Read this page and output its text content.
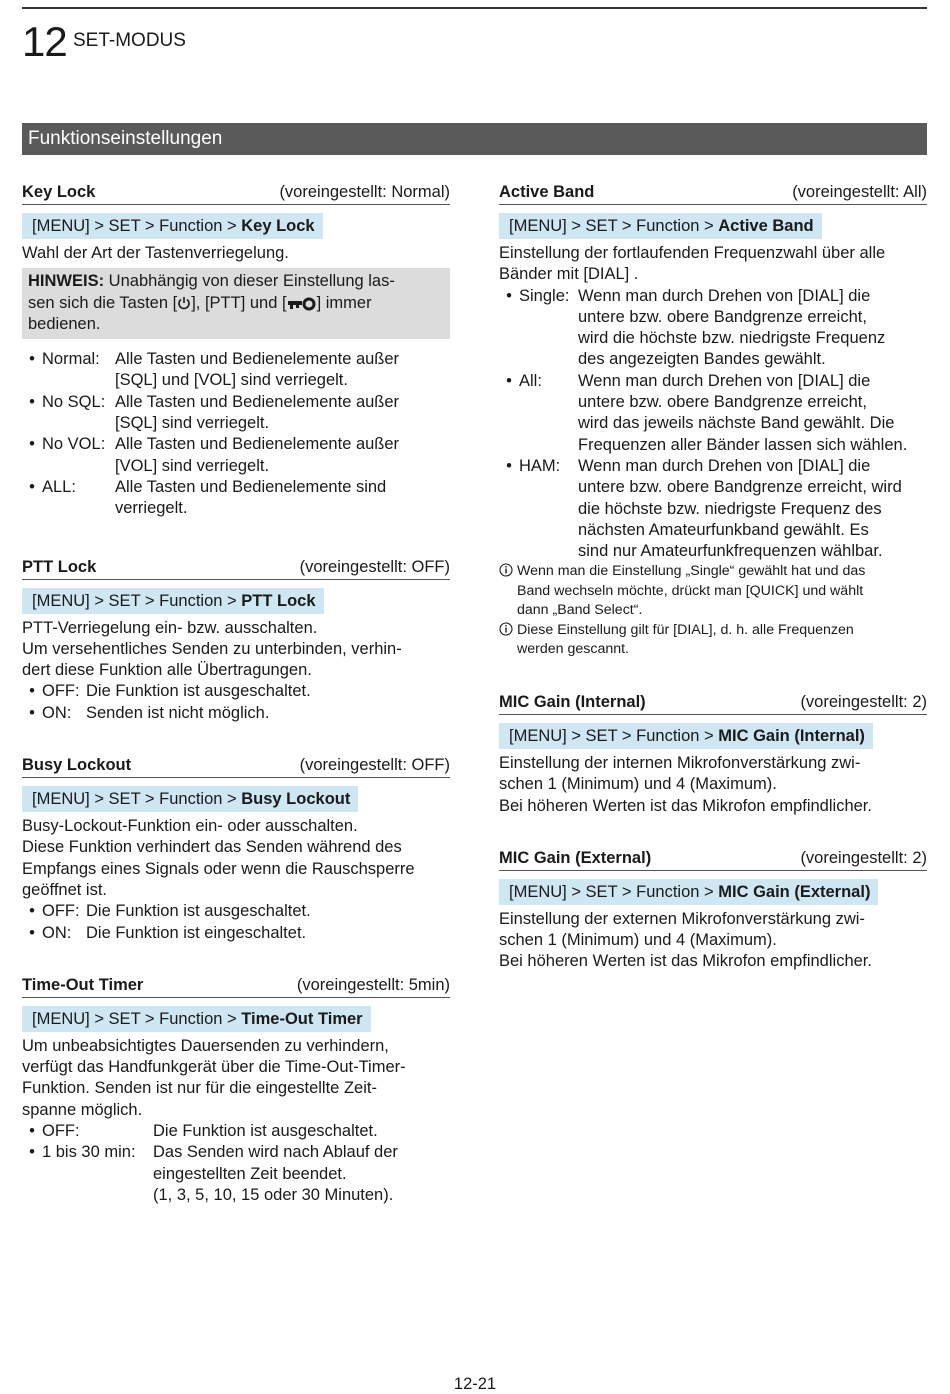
12 SET-MODUS
Funktionseinstellungen
Key Lock	(voreingestellt: Normal)
[MENU] > SET > Function > Key Lock

Wahl der Art der Tastenverriegelung.

HINWEIS: Unabhängig von dieser Einstellung las-
sen sich die Tasten [ ], [PTT] und [ ] immer
bedienen.
• Normal: Alle Tasten und Bedienelemente außer
[SQL] und [VOL] sind verriegelt.
• No SQL: Alle Tasten und Bedienelemente außer
[SQL] sind verriegelt.
• No VOL: Alle Tasten und Bedienelemente außer
[VOL] sind verriegelt.
• ALL:	Alle Tasten und Bedienelemente sind
verriegelt.
PTT Lock	(voreingestellt: OFF)
[MENU] > SET > Function > PTT Lock
PTT-Verriegelung ein- bzw. ausschalten.
Um versehentliches Senden zu unterbinden, verhin-
dert diese Funktion alle Übertragungen.
• OFF: Die Funktion ist ausgeschaltet.
• ON: Senden ist nicht möglich.
Busy Lockout	(voreingestellt: OFF)
[MENU] > SET > Function > Busy Lockout
Busy-Lockout-Funktion ein- oder ausschalten.
Diese Funktion verhindert das Senden während des
Empfangs eines Signals oder wenn die Rauschsperre
geöffnet ist.
• OFF: Die Funktion ist ausgeschaltet.
• ON: Die Funktion ist eingeschaltet.
Time-Out Timer	(voreingestellt: 5min)
[MENU] > SET > Function > Time-Out Timer
Um unbeabsichtigtes Dauersenden zu verhindern,
verfügt das Handfunkgerät über die Time-Out-Timer-
Funktion. Senden ist nur für die eingestellte Zeit-
spanne möglich.
• OFF:	Die Funktion ist ausgeschaltet.
• 1 bis 30 min:	Das Senden wird nach Ablauf der
eingestellten Zeit beendet.
(1, 3, 5, 10, 15 oder 30 Minuten).
Active Band	(voreingestellt: All)
[MENU] > SET > Function > Active Band
Einstellung der fortlaufenden Frequenzwahl über alle
Bänder mit [DIAL] .
• Single: Wenn man durch Drehen von [DIAL] die
untere bzw. obere Bandgrenze erreicht,
wird die höchste bzw. niedrigste Frequenz
des angezeigten Bandes gewählt.
• All:	Wenn man durch Drehen von [DIAL] die
untere bzw. obere Bandgrenze erreicht,
wird das jeweils nächste Band gewählt. Die
Frequenzen aller Bänder lassen sich wählen.
• HAM:	Wenn man durch Drehen von [DIAL] die
untere bzw. obere Bandgrenze erreicht, wird
die höchste bzw. niedrigste Frequenz des
nächsten Amateurfunkband gewählt. Es
sind nur Amateurfunkfrequenzen wählbar.
Wenn man die Einstellung „Single“ gewählt hat und das
Band wechseln möchte, drückt man [QUICK] und wählt
dann „Band Select“.
Diese Einstellung gilt für [DIAL], d. h. alle Frequenzen
werden gescannt.
MIC Gain (Internal)	(voreingestellt: 2)
[MENU] > SET > Function > MIC Gain (Internal)
Einstellung der internen Mikrofonverstärkung zwi-
schen 1 (Minimum) und 4 (Maximum).
Bei höheren Werten ist das Mikrofon empfindlicher.
MIC Gain (External)	(voreingestellt: 2)
[MENU] > SET > Function > MIC Gain (External)
Einstellung der externen Mikrofonverstärkung zwi-
schen 1 (Minimum) und 4 (Maximum).
Bei höheren Werten ist das Mikrofon empfindlicher.
12-21
